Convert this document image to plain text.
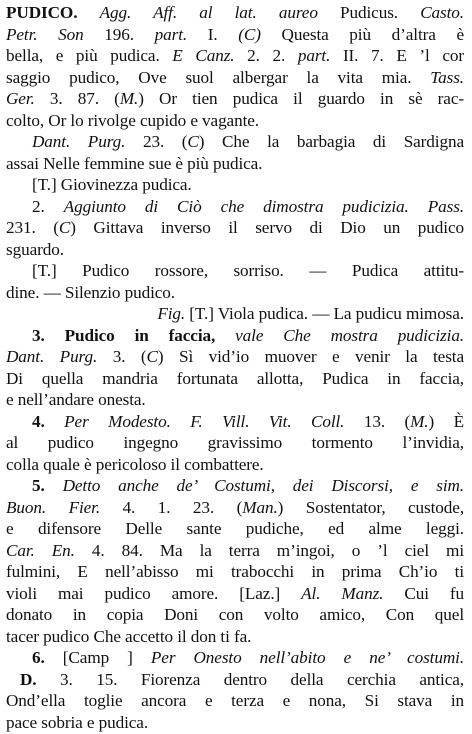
PUDICO. Agg. Aff. al lat. aureo Pudicus. Casto.
Petr. Son 196. part. I. (C) Questa più d’altra è
bella, e più pudica. E Canz. 2. 2. part. II. 7. E ’l cor
saggio pudico, Ove suol albergar la vita mia. Tass.
Ger. 3. 87. (M.) Or tien pudica il guardo in sè rac-
colto, Or lo rivolge cupido e vagante.
Dant. Purg. 23. (C) Che la barbagia di Sardigna
assai Nelle femmine sue è più pudica.
[T.] Giovinezza pudica.
2. Aggiunto di Ciò che dimostra pudicizia. Pass.
231. (C) Gittava inverso il servo di Dio un pudico
sguardo.
[T.] Pudico rossore, sorriso. — Pudica attitu-
dine. — Silenzio pudico.
Fig. [T.] Viola pudica. — La pudicu mimosa.
3. Pudico in faccia, vale Che mostra pudicizia.
Dant. Purg. 3. (C) Sì vid’io muover e venir la testa
Di quella mandria fortunata allotta, Pudica in faccia,
e nell’andare onesta.
4. Per Modesto. F. Vill. Vit. Coll. 13. (M.) È
al pudico ingegno gravissimo tormento l’invidia,
colla quale è pericoloso il combattere.
5. Detto anche de’ Costumi, dei Discorsi, e sim.
Buon. Fier. 4. 1. 23. (Man.) Sostentator, custode,
e difensore Delle sante pudiche, ed alme leggi.
Car. En. 4. 84. Ma la terra m’ingoi, o ’l ciel mi
fulmini, E nell’abisso mi trabocchi in prima Ch’io ti
violi mai pudico amore. [Laz.] Al. Manz. Cui fu
donato in copia Doni con volto amico, Con quel
tacer pudico Che accetto il don ti fa.
6. [Camp ] Per Onesto nell’abito e ne’ costumi.
D. 3. 15. Fiorenza dentro della cerchia antica,
Ond’ella toglie ancora e terza e nona, Si stava in
pace sobria e pudica.
